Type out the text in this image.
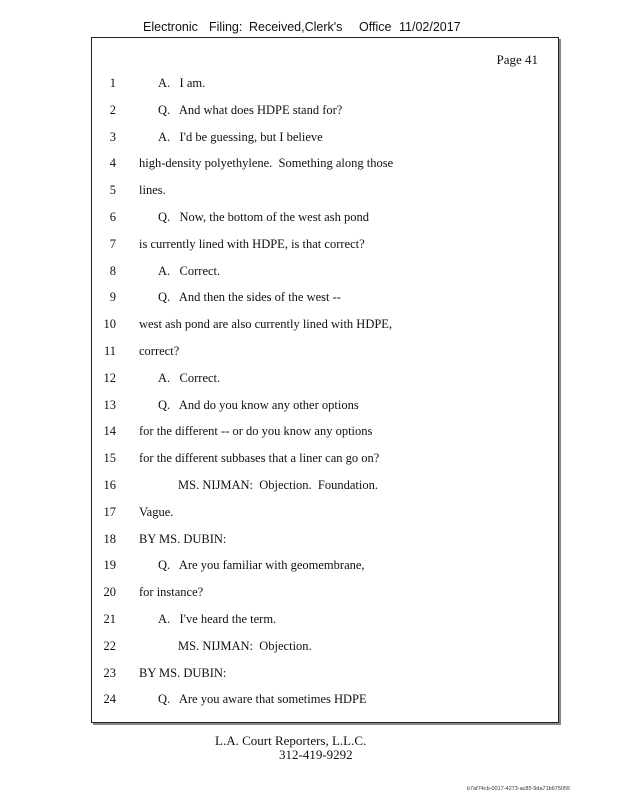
Electronic Filing: Received,Clerk's Office 11/02/2017
Page 41
1	A.   I am.
2	Q.   And what does HDPE stand for?
3	A.   I'd be guessing, but I believe
4 high-density polyethylene.  Something along those
5 lines.
6	Q.   Now, the bottom of the west ash pond
7 is currently lined with HDPE, is that correct?
8	A.   Correct.
9	Q.   And then the sides of the west --
10 west ash pond are also currently lined with HDPE,
11 correct?
12	A.   Correct.
13	Q.   And do you know any other options
14 for the different -- or do you know any options
15 for the different subbases that a liner can go on?
16	MS. NIJMAN:  Objection.  Foundation.
17 Vague.
18 BY MS. DUBIN:
19	Q.   Are you familiar with geomembrane,
20 for instance?
21	A.   I've heard the term.
22	MS. NIJMAN:  Objection.
23 BY MS. DUBIN:
24	Q.   Are you aware that sometimes HDPE
L.A. Court Reporters, L.L.C.
312-419-9292
b7af74cb-0017-4273-ac85-9da71b675055
